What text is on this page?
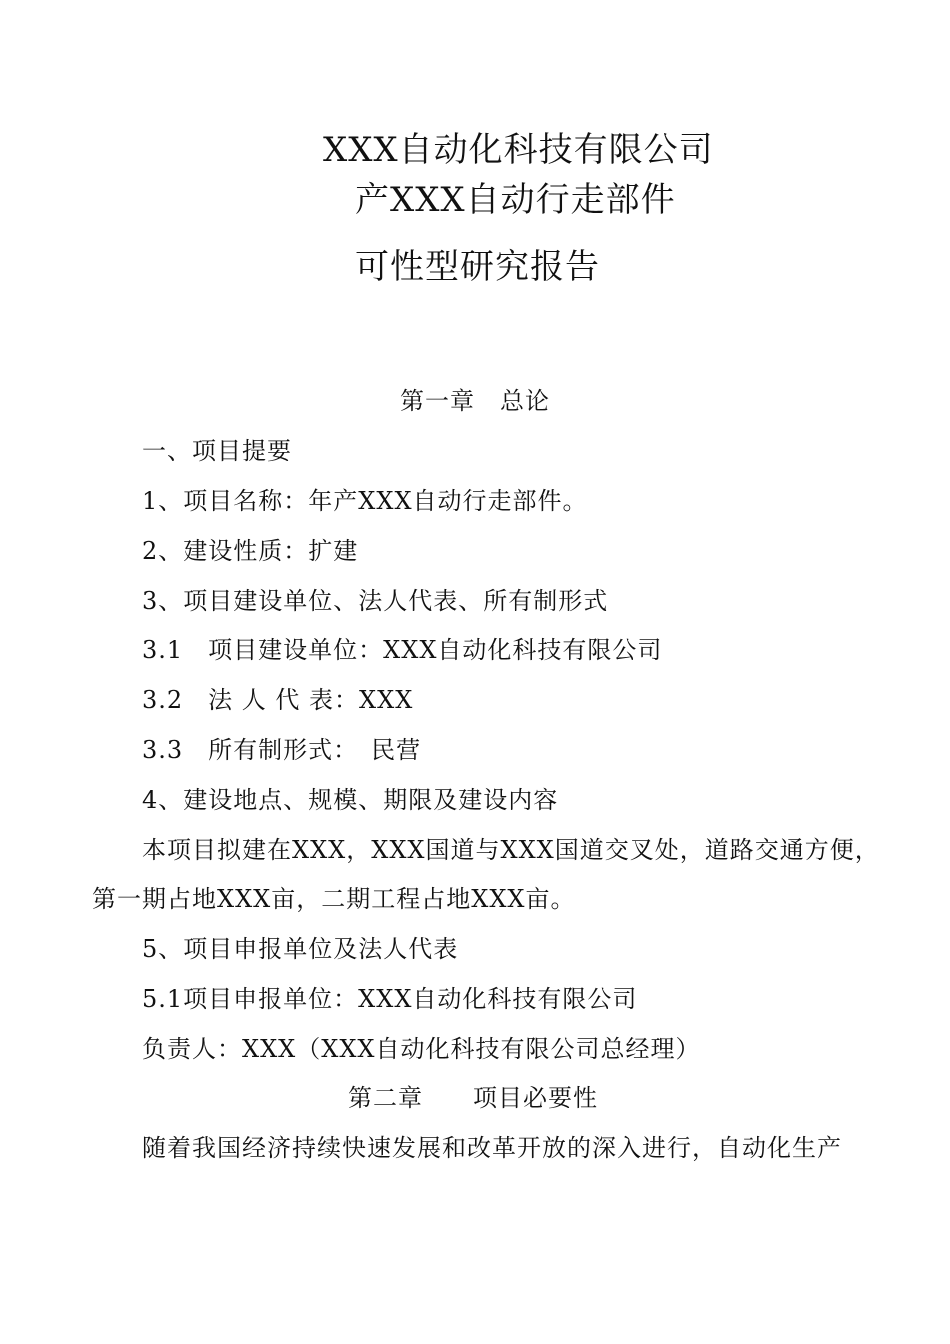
XXX自动化科技有限公司
产XXX自动行走部件
可性型研究报告
第一章　总论
一、项目提要
1、项目名称：年产XXX自动行走部件。
2、建设性质：扩建
3、项目建设单位、法人代表、所有制形式
3.1　项目建设单位：XXX自动化科技有限公司
3.2　法 人 代 表：XXX
3.3　所有制形式：　民营
4、建设地点、规模、期限及建设内容
本项目拟建在XXX，XXX国道与XXX国道交叉处，道路交通方便，
第一期占地XXX亩，二期工程占地XXX亩。
5、项目申报单位及法人代表
5.1项目申报单位：XXX自动化科技有限公司
负责人：XXX（XXX自动化科技有限公司总经理）
第二章　　项目必要性
随着我国经济持续快速发展和改革开放的深入进行，自动化生产
